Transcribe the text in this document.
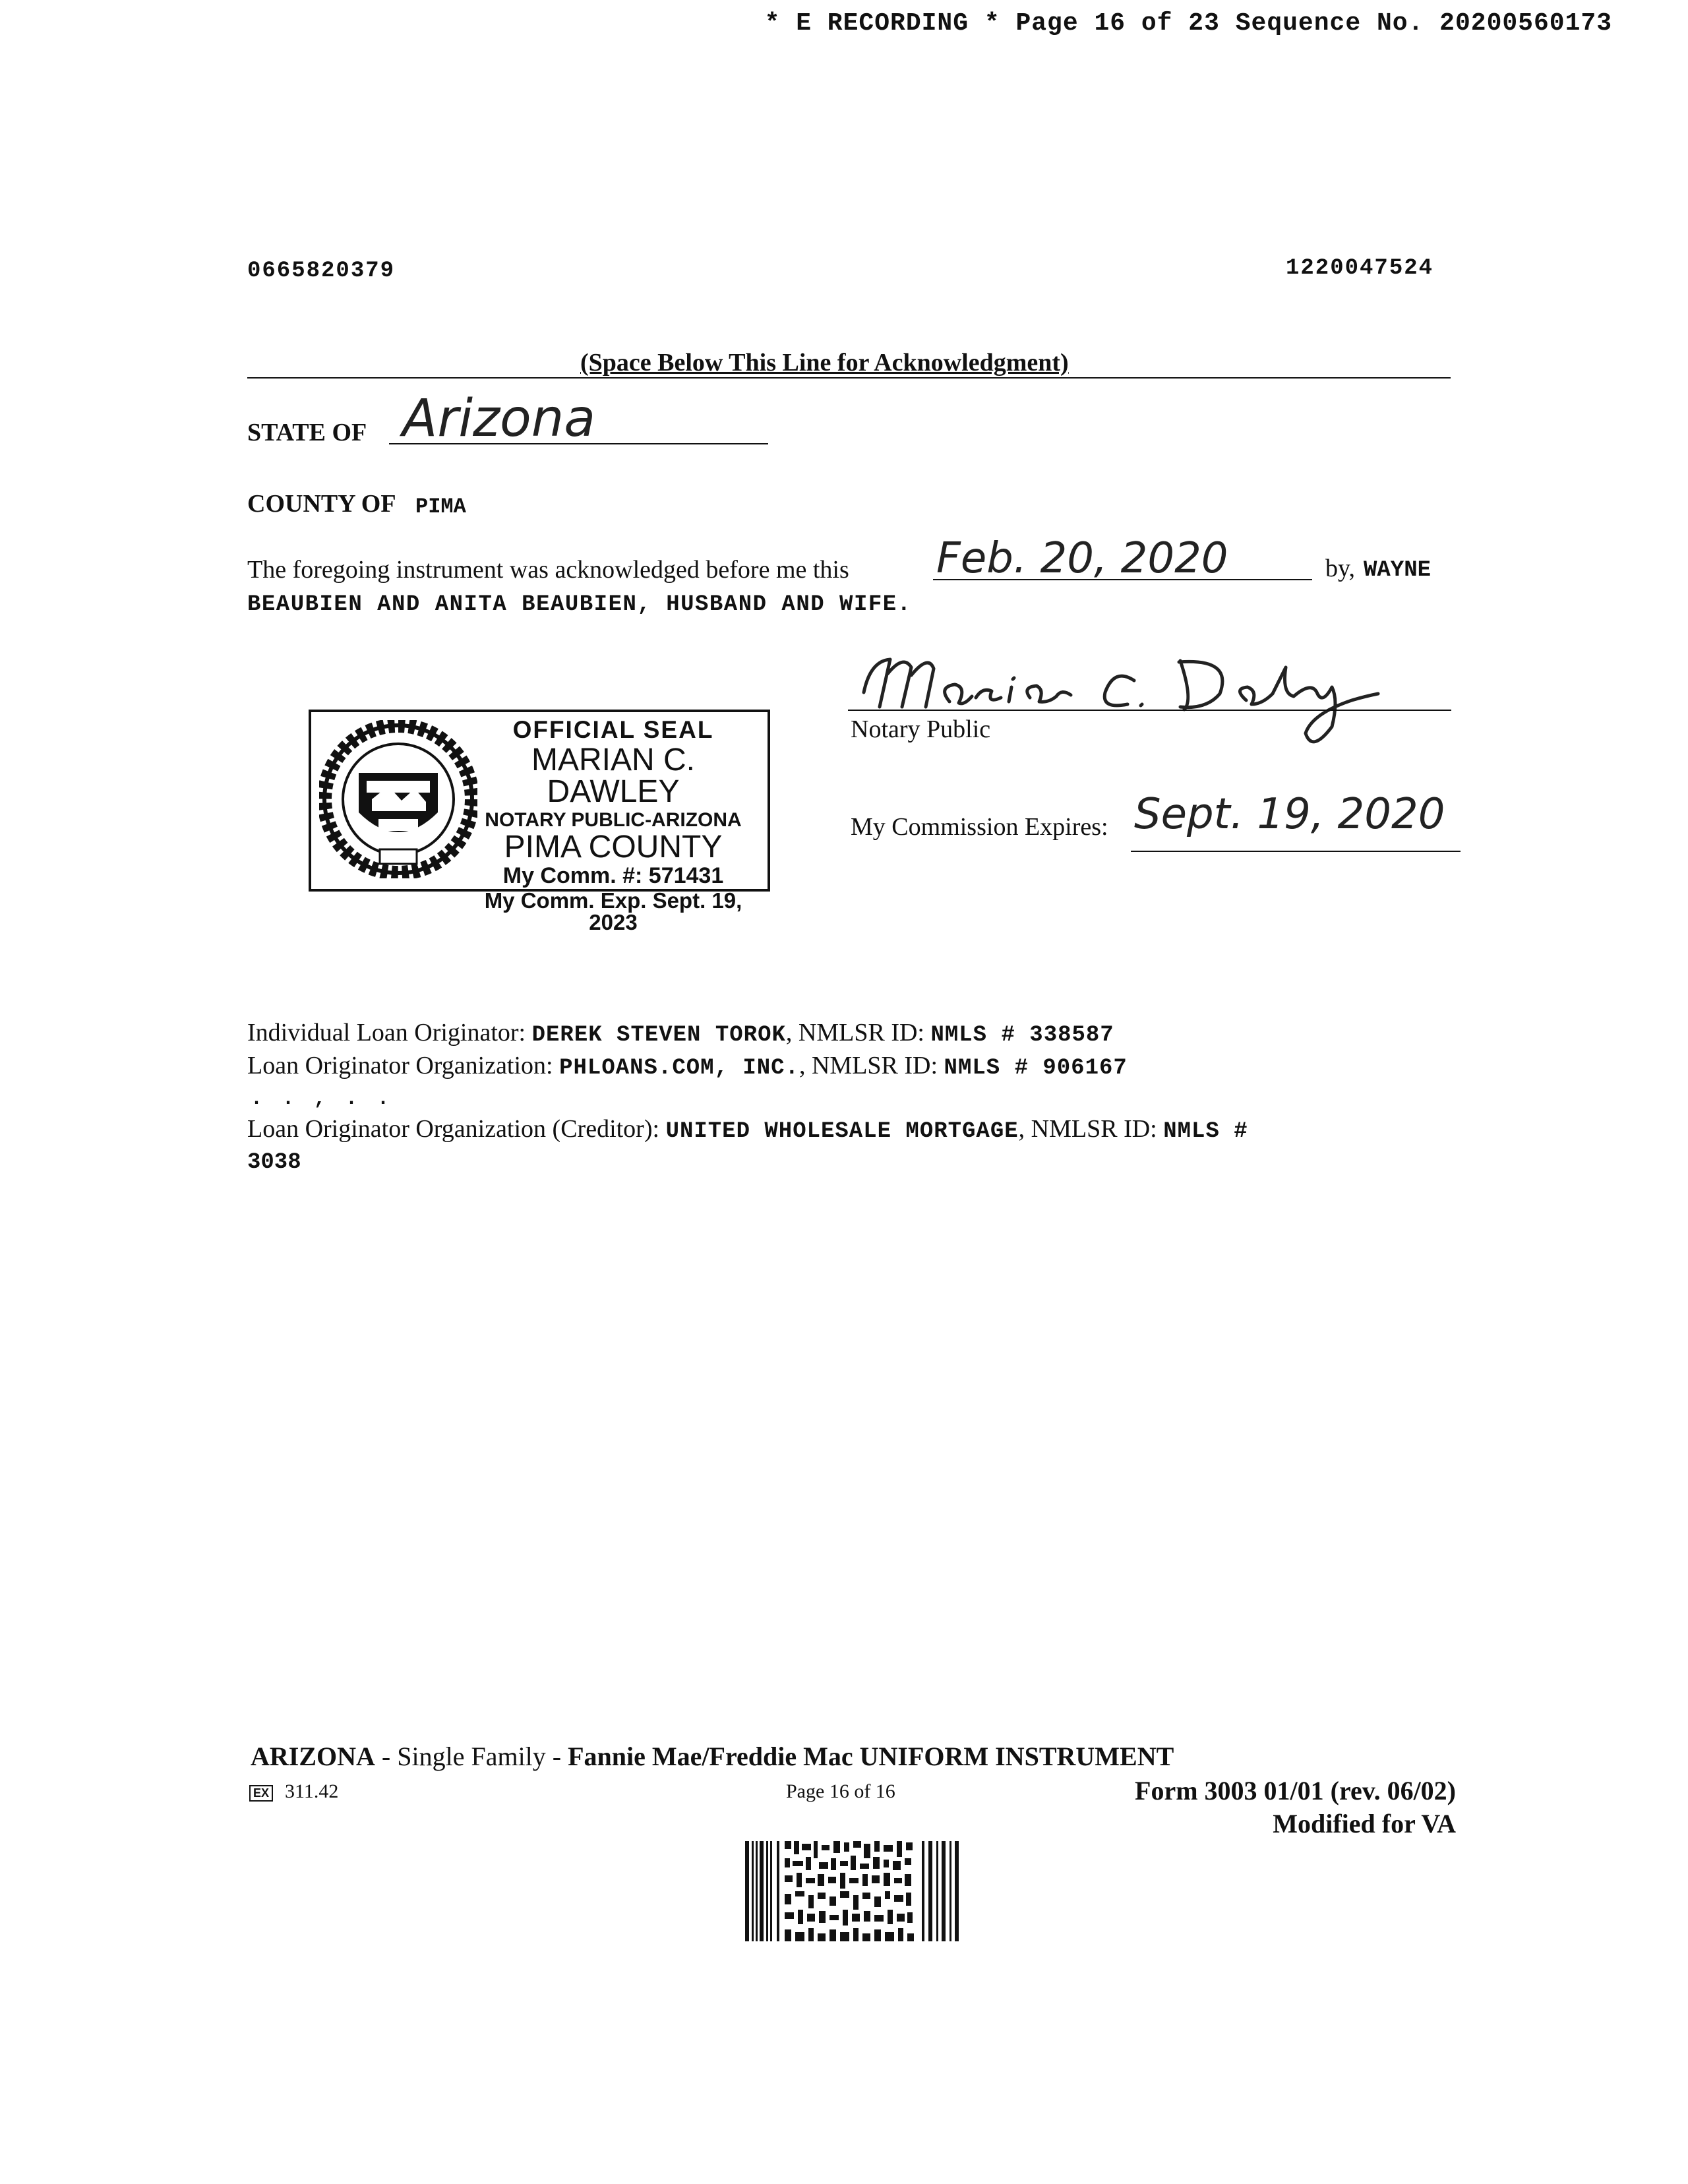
* E RECORDING * Page 16 of 23 Sequence No. 20200560173
0665820379	1220047524
(Space Below This Line for Acknowledgment)
STATE OF Arizona
COUNTY OF PIMA
The foregoing instrument was acknowledged before me this Feb. 20, 2020	by, WAYNE
BEAUBIEN AND ANITA BEAUBIEN, HUSBAND AND WIFE.
OFFICIAL SEAL
MARIAN C. DAWLEY
NOTARY PUBLIC-ARIZONA
PIMA COUNTY
My Comm. #: 571431
My Comm. Exp. Sept. 19, 2023
Notary Public
My Commission Expires: Sept. 19, 2020
Individual Loan Originator: DEREK STEVEN TOROK, NMLSR ID: NMLS # 338587
Loan Originator Organization: PHLOANS.COM, INC., NMLSR ID: NMLS # 906167
. . , . .
Loan Originator Organization (Creditor): UNITED WHOLESALE MORTGAGE, NMLSR ID: NMLS #
3038
ARIZONA - Single Family - Fannie Mae/Freddie Mac UNIFORM INSTRUMENT
EX 311.42	Page 16 of 16	Form 3003 01/01 (rev. 06/02)
Modified for VA
